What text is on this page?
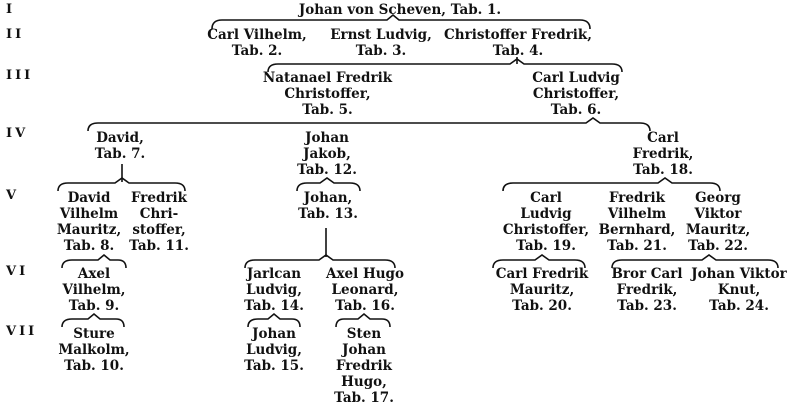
I
II
III
IV
V
VI
VII
Johan von Scheven, Tab. 1.
Carl Vilhelm,
Tab. 2.
Ernst Ludvig,
Tab. 3.
Christoffer Fredrik,
Tab. 4.
Natanael Fredrik
Christoffer,
Tab. 5.
Carl Ludvig
Christoffer,
Tab. 6.
David,
Tab. 7.
Johan
Jakob,
Tab. 12.
Carl
Fredrik,
Tab. 18.
David
Vilhelm
Mauritz,
Tab. 8.
Fredrik
Chri-
stoffer,
Tab. 11.
Johan,
Tab. 13.
Carl
Ludvig
Christoffer,
Tab. 19.
Fredrik
Vilhelm
Bernhard,
Tab. 21.
Georg
Viktor
Mauritz,
Tab. 22.
Axel
Vilhelm,
Tab. 9.
Jarlcan
Ludvig,
Tab. 14.
Axel Hugo
Leonard,
Tab. 16.
Carl Fredrik
Mauritz,
Tab. 20.
Bror Carl
Fredrik,
Tab. 23.
Johan Viktor
Knut,
Tab. 24.
Sture
Malkolm,
Tab. 10.
Johan
Ludvig,
Tab. 15.
Sten
Johan
Fredrik
Hugo,
Tab. 17.
